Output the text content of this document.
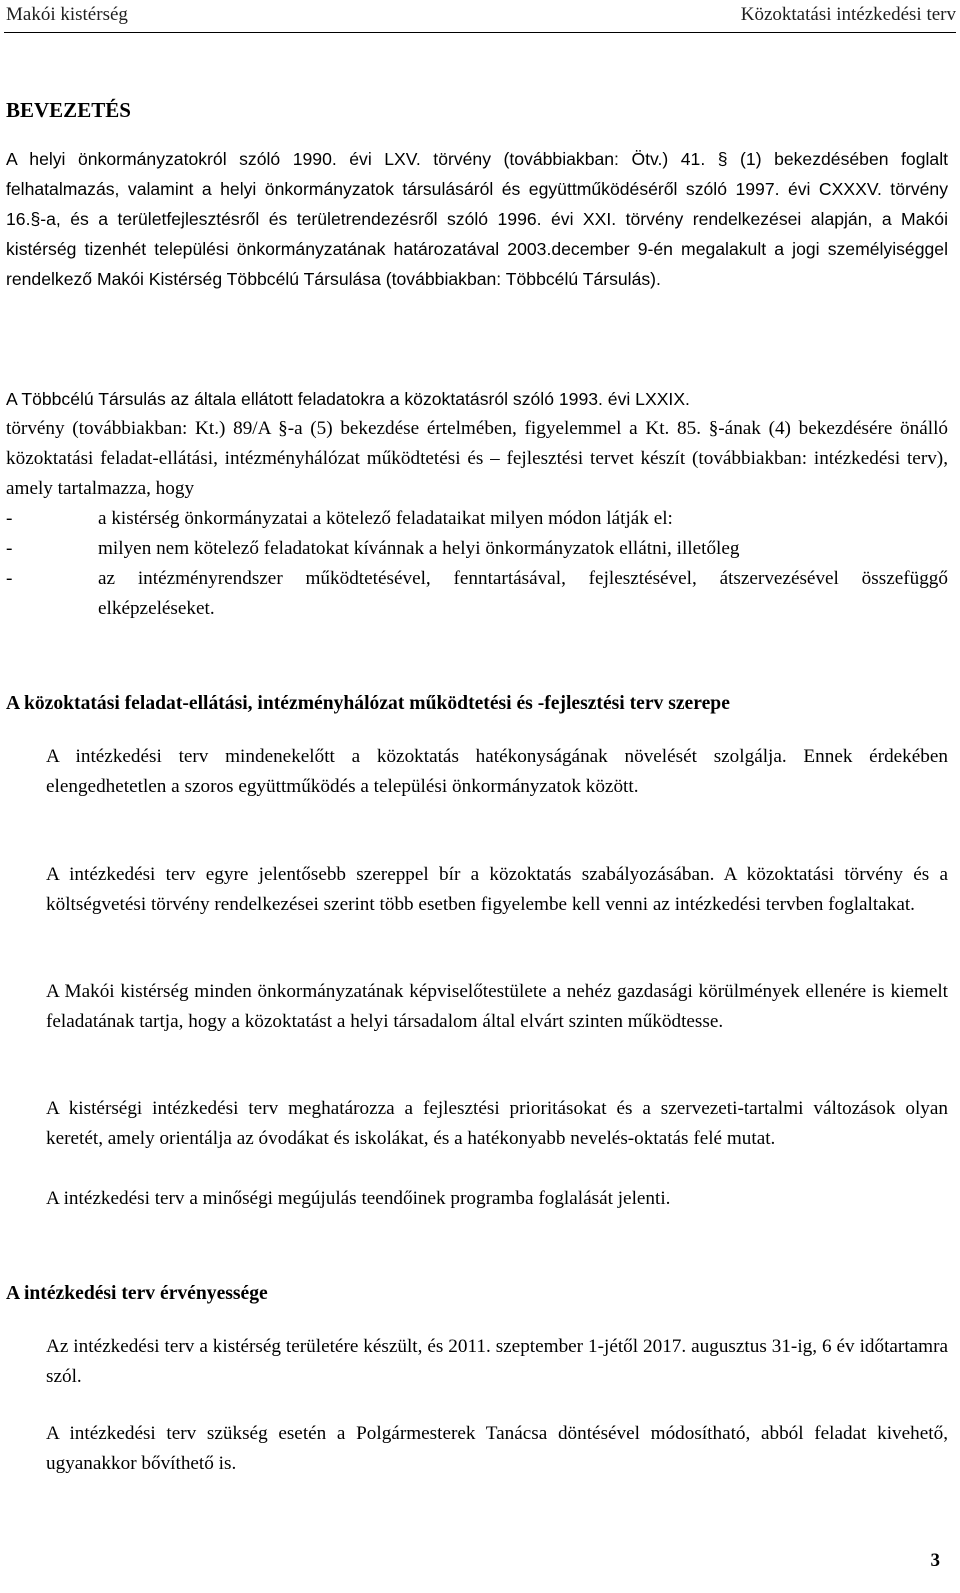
Makói kistérség	Közoktatási intézkedési terv
BEVEZETÉS
A helyi önkormányzatokról szóló 1990. évi LXV. törvény (továbbiakban: Ötv.) 41. § (1) bekezdésében foglalt felhatalmazás, valamint a helyi önkormányzatok társulásáról és együttműködéséről szóló 1997. évi CXXXV. törvény 16.§-a, és a területfejlesztésről és területrendezésről szóló 1996. évi XXI. törvény rendelkezései alapján, a Makói kistérség tizenhét települési önkormányzatának határozatával 2003.december 9-én megalakult a jogi személyiséggel rendelkező Makói Kistérség Többcélú Társulása (továbbiakban: Többcélú Társulás).
A Többcélú Társulás az általa ellátott feladatokra a közoktatásról szóló 1993. évi LXXIX.
törvény (továbbiakban: Kt.) 89/A §-a (5) bekezdése értelmében, figyelemmel a Kt. 85. §-ának (4) bekezdésére önálló közoktatási feladat-ellátási, intézményhálózat működtetési és – fejlesztési tervet készít (továbbiakban: intézkedési terv), amely tartalmazza, hogy
-	a kistérség önkormányzatai a kötelező feladataikat milyen módon látják el:
-	milyen nem kötelező feladatokat kívánnak a helyi önkormányzatok ellátni, illetőleg
-	az intézményrendszer működtetésével, fenntartásával, fejlesztésével, átszervezésével összefüggő elképzeléseket.
A közoktatási feladat-ellátási, intézményhálózat működtetési és -fejlesztési terv szerepe
A intézkedési terv mindenekelőtt a közoktatás hatékonyságának növelését szolgálja. Ennek érdekében elengedhetetlen a szoros együttműködés a települési önkormányzatok között.
A intézkedési terv egyre jelentősebb szereppel bír a közoktatás szabályozásában. A közoktatási törvény és a költségvetési törvény rendelkezései szerint több esetben figyelembe kell venni az intézkedési tervben foglaltakat.
A Makói kistérség minden önkormányzatának képviselőtestülete a nehéz gazdasági körülmények ellenére is kiemelt feladatának tartja, hogy a közoktatást a helyi társadalom által elvárt szinten működtesse.
A kistérségi intézkedési terv meghatározza a fejlesztési prioritásokat és a szervezeti-tartalmi változások olyan keretét, amely orientálja az óvodákat és iskolákat, és a hatékonyabb nevelés-oktatás felé mutat.
A intézkedési terv a minőségi megújulás teendőinek programba foglalását jelenti.
A intézkedési terv érvényessége
Az intézkedési terv a kistérség területére készült, és 2011. szeptember 1-jétől 2017. augusztus 31-ig, 6 év időtartamra szól.
A intézkedési terv szükség esetén a Polgármesterek Tanácsa döntésével módosítható, abból feladat kivehető, ugyanakkor bővíthető is.
3
